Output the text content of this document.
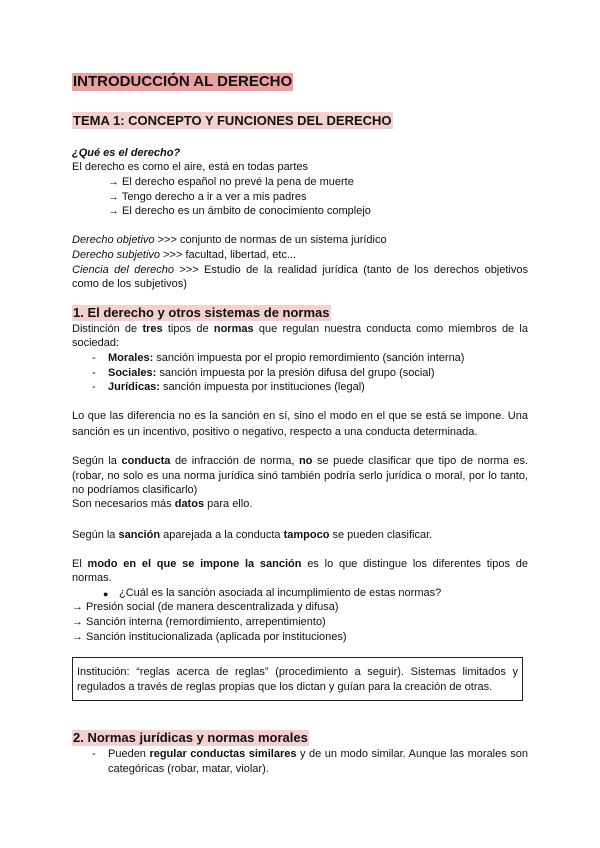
INTRODUCCIÓN AL DERECHO
TEMA 1: CONCEPTO Y FUNCIONES DEL DERECHO
¿Qué es el derecho?
El derecho es como el aire, está en todas partes
→ El derecho español no prevé la pena de muerte
→ Tengo derecho a ir a ver a mis padres
→ El derecho es un ámbito de conocimiento complejo
Derecho objetivo >>> conjunto de normas de un sistema jurídico
Derecho subjetivo >>> facultad, libertad, etc...
Ciencia del derecho >>> Estudio de la realidad jurídica (tanto de los derechos objetivos
como de los subjetivos)
1. El derecho y otros sistemas de normas
Distinción de tres tipos de normas que regulan nuestra conducta como miembros de la
sociedad:
- Morales: sanción impuesta por el propio remordimiento (sanción interna)
- Sociales: sanción impuesta por la presión difusa del grupo (social)
- Jurídicas: sanción impuesta por instituciones (legal)
Lo que las diferencia no es la sanción en sí, sino el modo en el que se está se impone. Una
sanción es un incentivo, positivo o negativo, respecto a una conducta determinada.
Según la conducta de infracción de norma, no se puede clasificar que tipo de norma es.
(robar, no solo es una norma jurídica sinó también podría serlo jurídica o moral, por lo tanto,
no podríamos clasificarlo)
Son necesarios más datos para ello.
Según la sanción aparejada a la conducta tampoco se pueden clasificar.
El modo en el que se impone la sanción es lo que distingue los diferentes tipos de
normas.
● ¿Cuál es la sanción asociada al incumplimiento de estas normas?
→ Presión social (de manera descentralizada y difusa)
→ Sanción interna (remordimiento, arrepentimiento)
→ Sanción institucionalizada (aplicada por instituciones)
Institución: “reglas acerca de reglas” (procedimiento a seguir). Sistemas limitados y
regulados a través de reglas propias que los dictan y guían para la creación de otras.
2. Normas jurídicas y normas morales
- Pueden regular conductas similares y de un modo similar. Aunque las morales son
categóricas (robar, matar, violar).
